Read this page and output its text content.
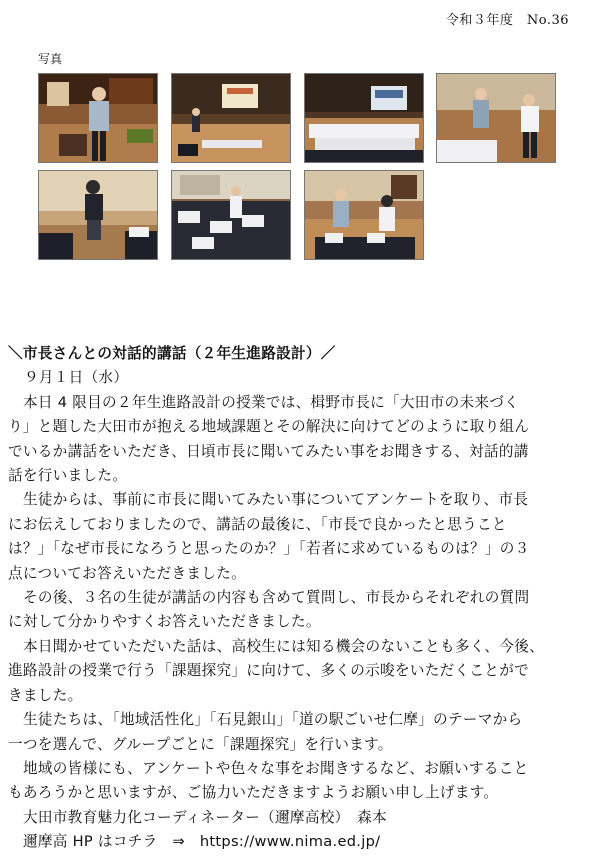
令和３年度　No.36
写真

＼市長さんとの対話的講話（２年生進路設計）／

９月１日（水）

本日 4 限目の２年生進路設計の授業では、楫野市長に「大田市の未来づく

り」と題した大田市が抱える地域課題とその解決に向けてどのように取り組ん

でいるか講話をいただき、日頃市長に聞いてみたい事をお聞きする、対話的講

話を行いました。

生徒からは、事前に市長に聞いてみたい事についてアンケートを取り、市長

にお伝えしておりましたので、講話の最後に、「市長で良かったと思うこと

は？」「なぜ市長になろうと思ったのか？」「若者に求めているものは？」の３

点についてお答えいただきました。

その後、３名の生徒が講話の内容も含めて質問し、市長からそれぞれの質問

に対して分かりやすくお答えいただきました。

本日聞かせていただいた話は、高校生には知る機会のないことも多く、今後、

進路設計の授業で行う「課題探究」に向けて、多くの示唆をいただくことがで

きました。

生徒たちは、「地域活性化」「石見銀山」「道の駅ごいせ仁摩」のテーマから

一つを選んで、グループごとに「課題探究」を行います。

地域の皆様にも、アンケートや色々な事をお聞きするなど、お願いすること

もあろうかと思いますが、ご協力いただきますようお願い申し上げます。

大田市教育魅力化コーディネーター（邇摩高校）　森本

邇摩高 HP はコチラ　⇒　https://www.nima.ed.jp/
